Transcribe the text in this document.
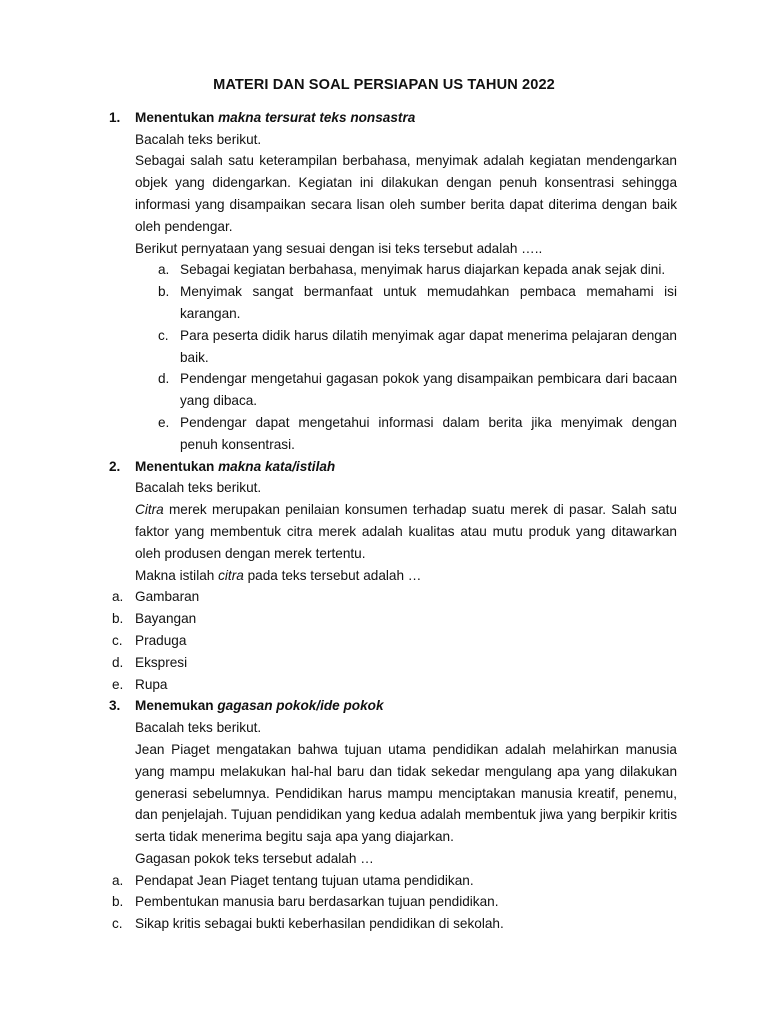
MATERI DAN SOAL PERSIAPAN US TAHUN 2022
1. Menentukan makna tersurat teks nonsastra
Bacalah teks berikut.
Sebagai salah satu keterampilan berbahasa, menyimak adalah kegiatan mendengarkan objek yang didengarkan. Kegiatan ini dilakukan dengan penuh konsentrasi sehingga informasi yang disampaikan secara lisan oleh sumber berita dapat diterima dengan baik oleh pendengar.
Berikut pernyataan yang sesuai dengan isi teks tersebut adalah …..
a. Sebagai kegiatan berbahasa, menyimak harus diajarkan kepada anak sejak dini.
b. Menyimak sangat bermanfaat untuk memudahkan pembaca memahami isi karangan.
c. Para peserta didik harus dilatih menyimak agar dapat menerima pelajaran dengan baik.
d. Pendengar mengetahui gagasan pokok yang disampaikan pembicara dari bacaan yang dibaca.
e. Pendengar dapat mengetahui informasi dalam berita jika menyimak dengan penuh konsentrasi.
2. Menentukan makna kata/istilah
Bacalah teks berikut.
Citra merek merupakan penilaian konsumen terhadap suatu merek di pasar. Salah satu faktor yang membentuk citra merek adalah kualitas atau mutu produk yang ditawarkan oleh produsen dengan merek tertentu.
Makna istilah citra pada teks tersebut adalah …
a. Gambaran
b. Bayangan
c. Praduga
d. Ekspresi
e. Rupa
3. Menemukan gagasan pokok/ide pokok
Bacalah teks berikut.
Jean Piaget mengatakan bahwa tujuan utama pendidikan adalah melahirkan manusia yang mampu melakukan hal-hal baru dan tidak sekedar mengulang apa yang dilakukan generasi sebelumnya. Pendidikan harus mampu menciptakan manusia kreatif, penemu, dan penjelajah. Tujuan pendidikan yang kedua adalah membentuk jiwa yang berpikir kritis serta tidak menerima begitu saja apa yang diajarkan.
Gagasan pokok teks tersebut adalah …
a. Pendapat Jean Piaget tentang tujuan utama pendidikan.
b. Pembentukan manusia baru berdasarkan tujuan pendidikan.
c. Sikap kritis sebagai bukti keberhasilan pendidikan di sekolah.
